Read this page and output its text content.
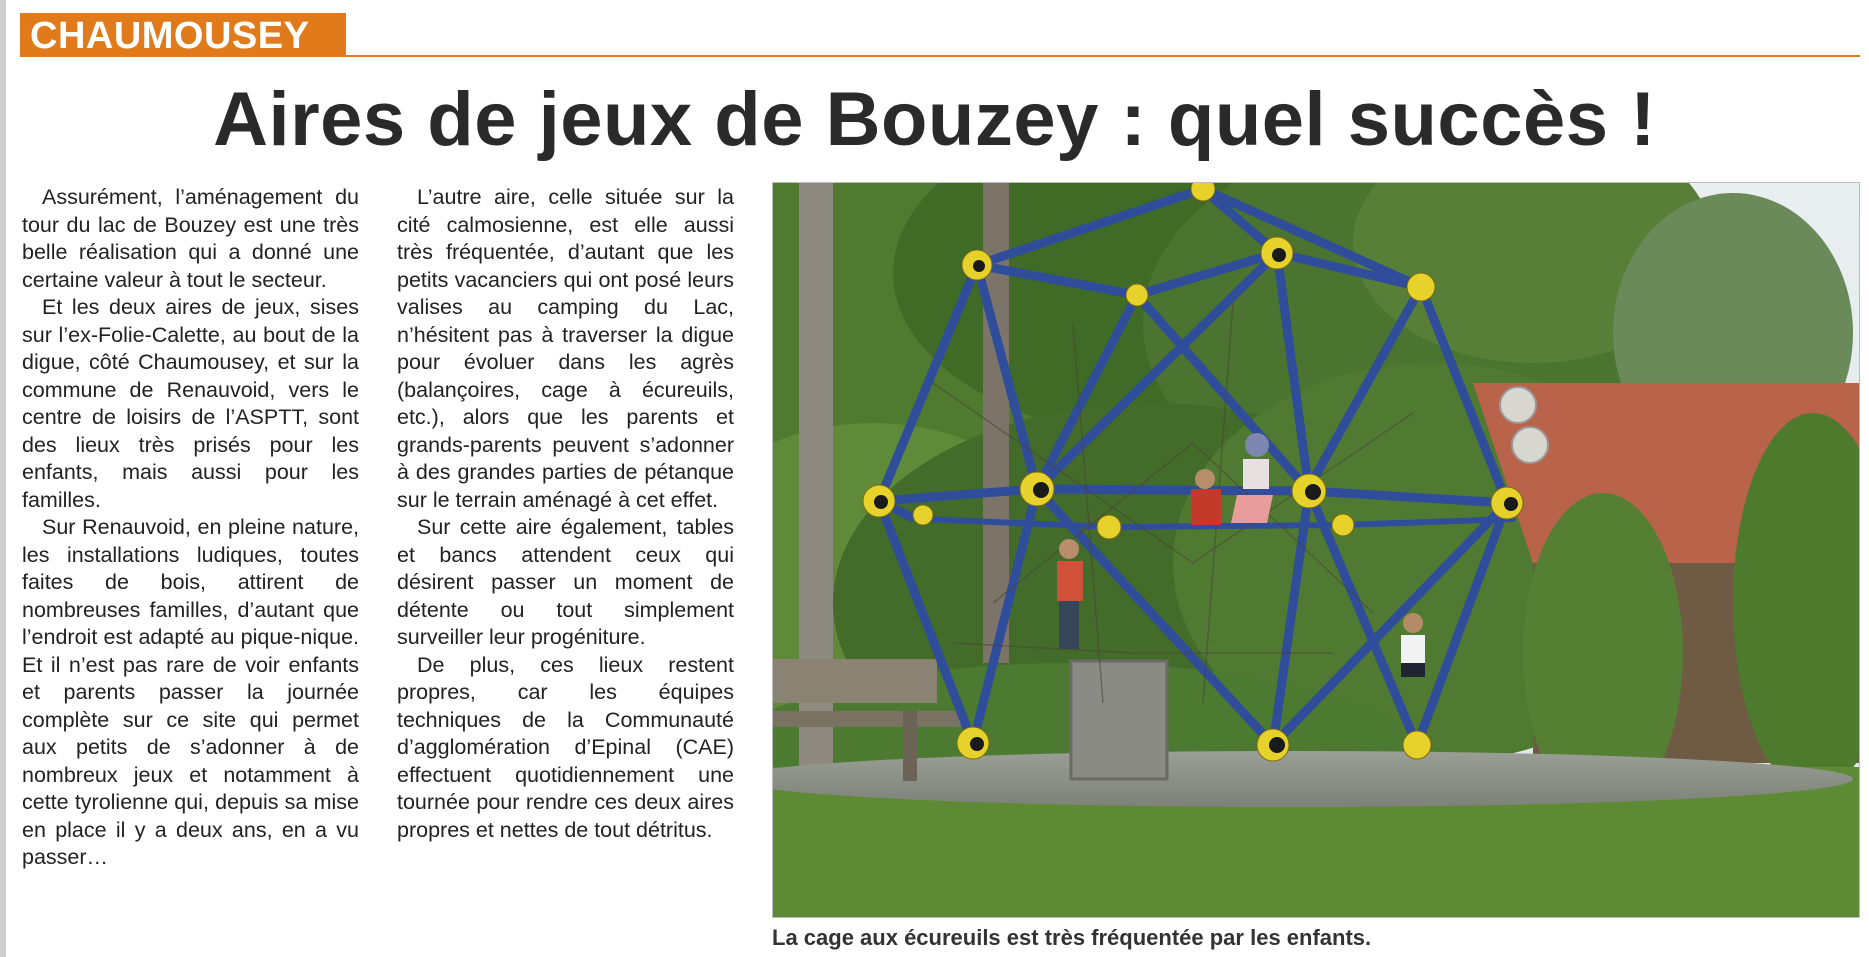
CHAUMOUSEY
Aires de jeux de Bouzey : quel succès !

Assurément, l’aménagement du tour du lac de Bouzey est une très belle réalisation qui a donné une certaine valeur à tout le secteur.

Et les deux aires de jeux, sises sur l’ex-Folie-Calette, au bout de la digue, côté Chaumousey, et sur la commune de Renauvoid, vers le centre de loisirs de l’ASPTT, sont des lieux très prisés pour les enfants, mais aussi pour les familles.

Sur Renauvoid, en pleine nature, les installations ludiques, toutes faites de bois, attirent de nombreuses familles, d’autant que l’endroit est adapté au pique-nique. Et il n’est pas rare de voir enfants et parents passer la journée complète sur ce site qui permet aux petits de s’adonner à de nombreux jeux et notamment à cette tyrolienne qui, depuis sa mise en place il y a deux ans, en a vu passer…

L’autre aire, celle située sur la cité calmosienne, est elle aussi très fréquentée, d’autant que les petits vacanciers qui ont posé leurs valises au camping du Lac, n’hésitent pas à traverser la digue pour évoluer dans les agrès (balançoires, cage à écureuils, etc.), alors que les parents et grands-parents peuvent s’adonner à des grandes parties de pétanque sur le terrain aménagé à cet effet.

Sur cette aire également, tables et bancs attendent ceux qui désirent passer un moment de détente ou tout simplement surveiller leur progéniture.

De plus, ces lieux restent propres, car les équipes techniques de la Communauté d’agglomération d’Epinal (CAE) effectuent quotidiennement une tournée pour rendre ces deux aires propres et nettes de tout détritus.

La cage aux écureuils est très fréquentée par les enfants.
